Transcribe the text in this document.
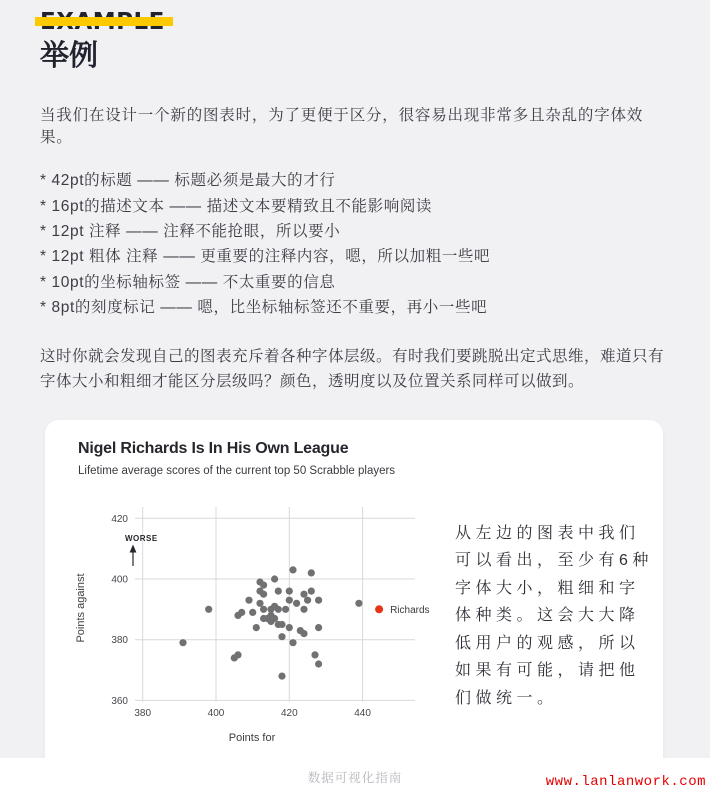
举例

当我们在设计一个新的图表时，为了更便于区分，很容易出现非常多且杂乱的字体效果。

* 42pt的标题 —— 标题必须是最大的才行
* 16pt的描述文本 —— 描述文本要精致且不能影响阅读
* 12pt 注释 —— 注释不能抢眼，所以要小
* 12pt 粗体 注释 —— 更重要的注释内容，嗯，所以加粗一些吧
* 10pt的坐标轴标签 —— 不太重要的信息
* 8pt的刻度标记 —— 嗯，比坐标轴标签还不重要，再小一些吧

这时你就会发现自己的图表充斥着各种字体层级。有时我们要跳脱出定式思维，难道只有字体大小和粗细才能区分层级吗？颜色，透明度以及位置关系同样可以做到。

Nigel Richards Is In His Own League
Lifetime average scores of the current top 50 Scrabble players
360
380
400
420
380	400	420	440
Points for
Points against
WORSE
Richards

从左边的图表中我们可以看出，至少有6种字体大小，粗细和字体种类。这会大大降低用户的观感，所以如果有可能，请把他们做统一。

数据可视化指南	www.lanlanwork.com
